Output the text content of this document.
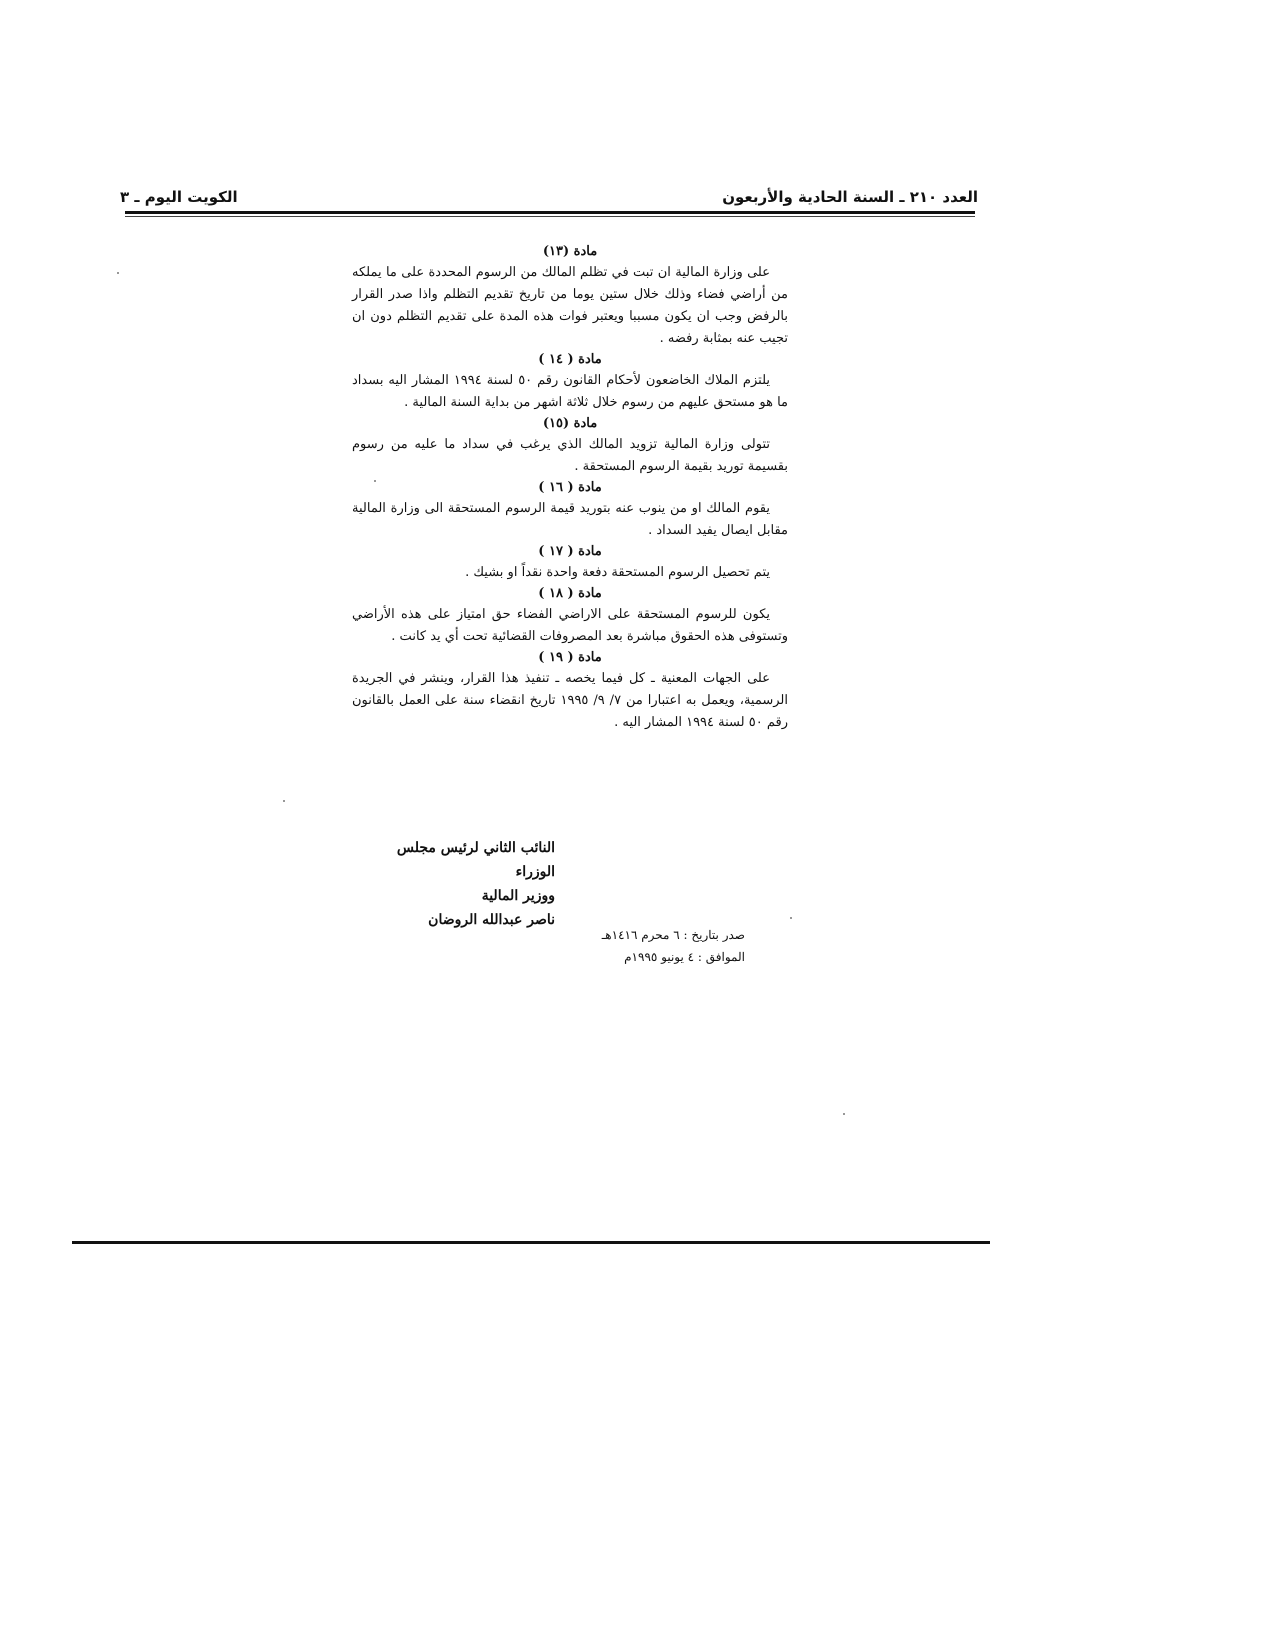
الكويت اليوم ـ ٣	العدد ٢١٠ ـ السنة الحادية والأربعون

مادة (١٣)

على وزارة المالية ان تبت في تظلم المالك من الرسوم المحددة على ما يملكه من أراضي فضاء وذلك خلال ستين يوما من تاريخ تقديم التظلم واذا صدر القرار بالرفض وجب ان يكون مسببا ويعتبر فوات هذه المدة على تقديم التظلم دون ان تجيب عنه بمثابة رفضه .

مادة ( ١٤ )

يلتزم الملاك الخاضعون لأحكام القانون رقم ٥٠ لسنة ١٩٩٤ المشار اليه بسداد ما هو مستحق عليهم من رسوم خلال ثلاثة اشهر من بداية السنة المالية .

مادة (١٥)

تتولى وزارة المالية تزويد المالك الذي يرغب في سداد ما عليه من رسوم بقسيمة توريد بقيمة الرسوم المستحقة .

مادة ( ١٦ )

يقوم المالك او من ينوب عنه بتوريد قيمة الرسوم المستحقة الى وزارة المالية مقابل ايصال يفيد السداد .

مادة ( ١٧ )

يتم تحصيل الرسوم المستحقة دفعة واحدة نقداً او بشيك .

مادة ( ١٨ )

يكون للرسوم المستحقة على الاراضي الفضاء حق امتياز على هذه الأراضي وتستوفى هذه الحقوق مباشرة بعد المصروفات القضائية تحت أي يد كانت .

مادة ( ١٩ )

على الجهات المعنية ـ كل فيما يخصه ـ تنفيذ هذا القرار، وينشر في الجريدة الرسمية، ويعمل به اعتبارا من ٧/ ٩/ ١٩٩٥ تاريخ انقضاء سنة على العمل بالقانون رقم ٥٠ لسنة ١٩٩٤ المشار اليه .

النائب الثاني لرئيس مجلس الوزراء
ووزير المالية
ناصر عبدالله الروضان
صدر بتاريخ : ٦ محرم ١٤١٦هـ
الموافق : ٤ يونيو ١٩٩٥م
